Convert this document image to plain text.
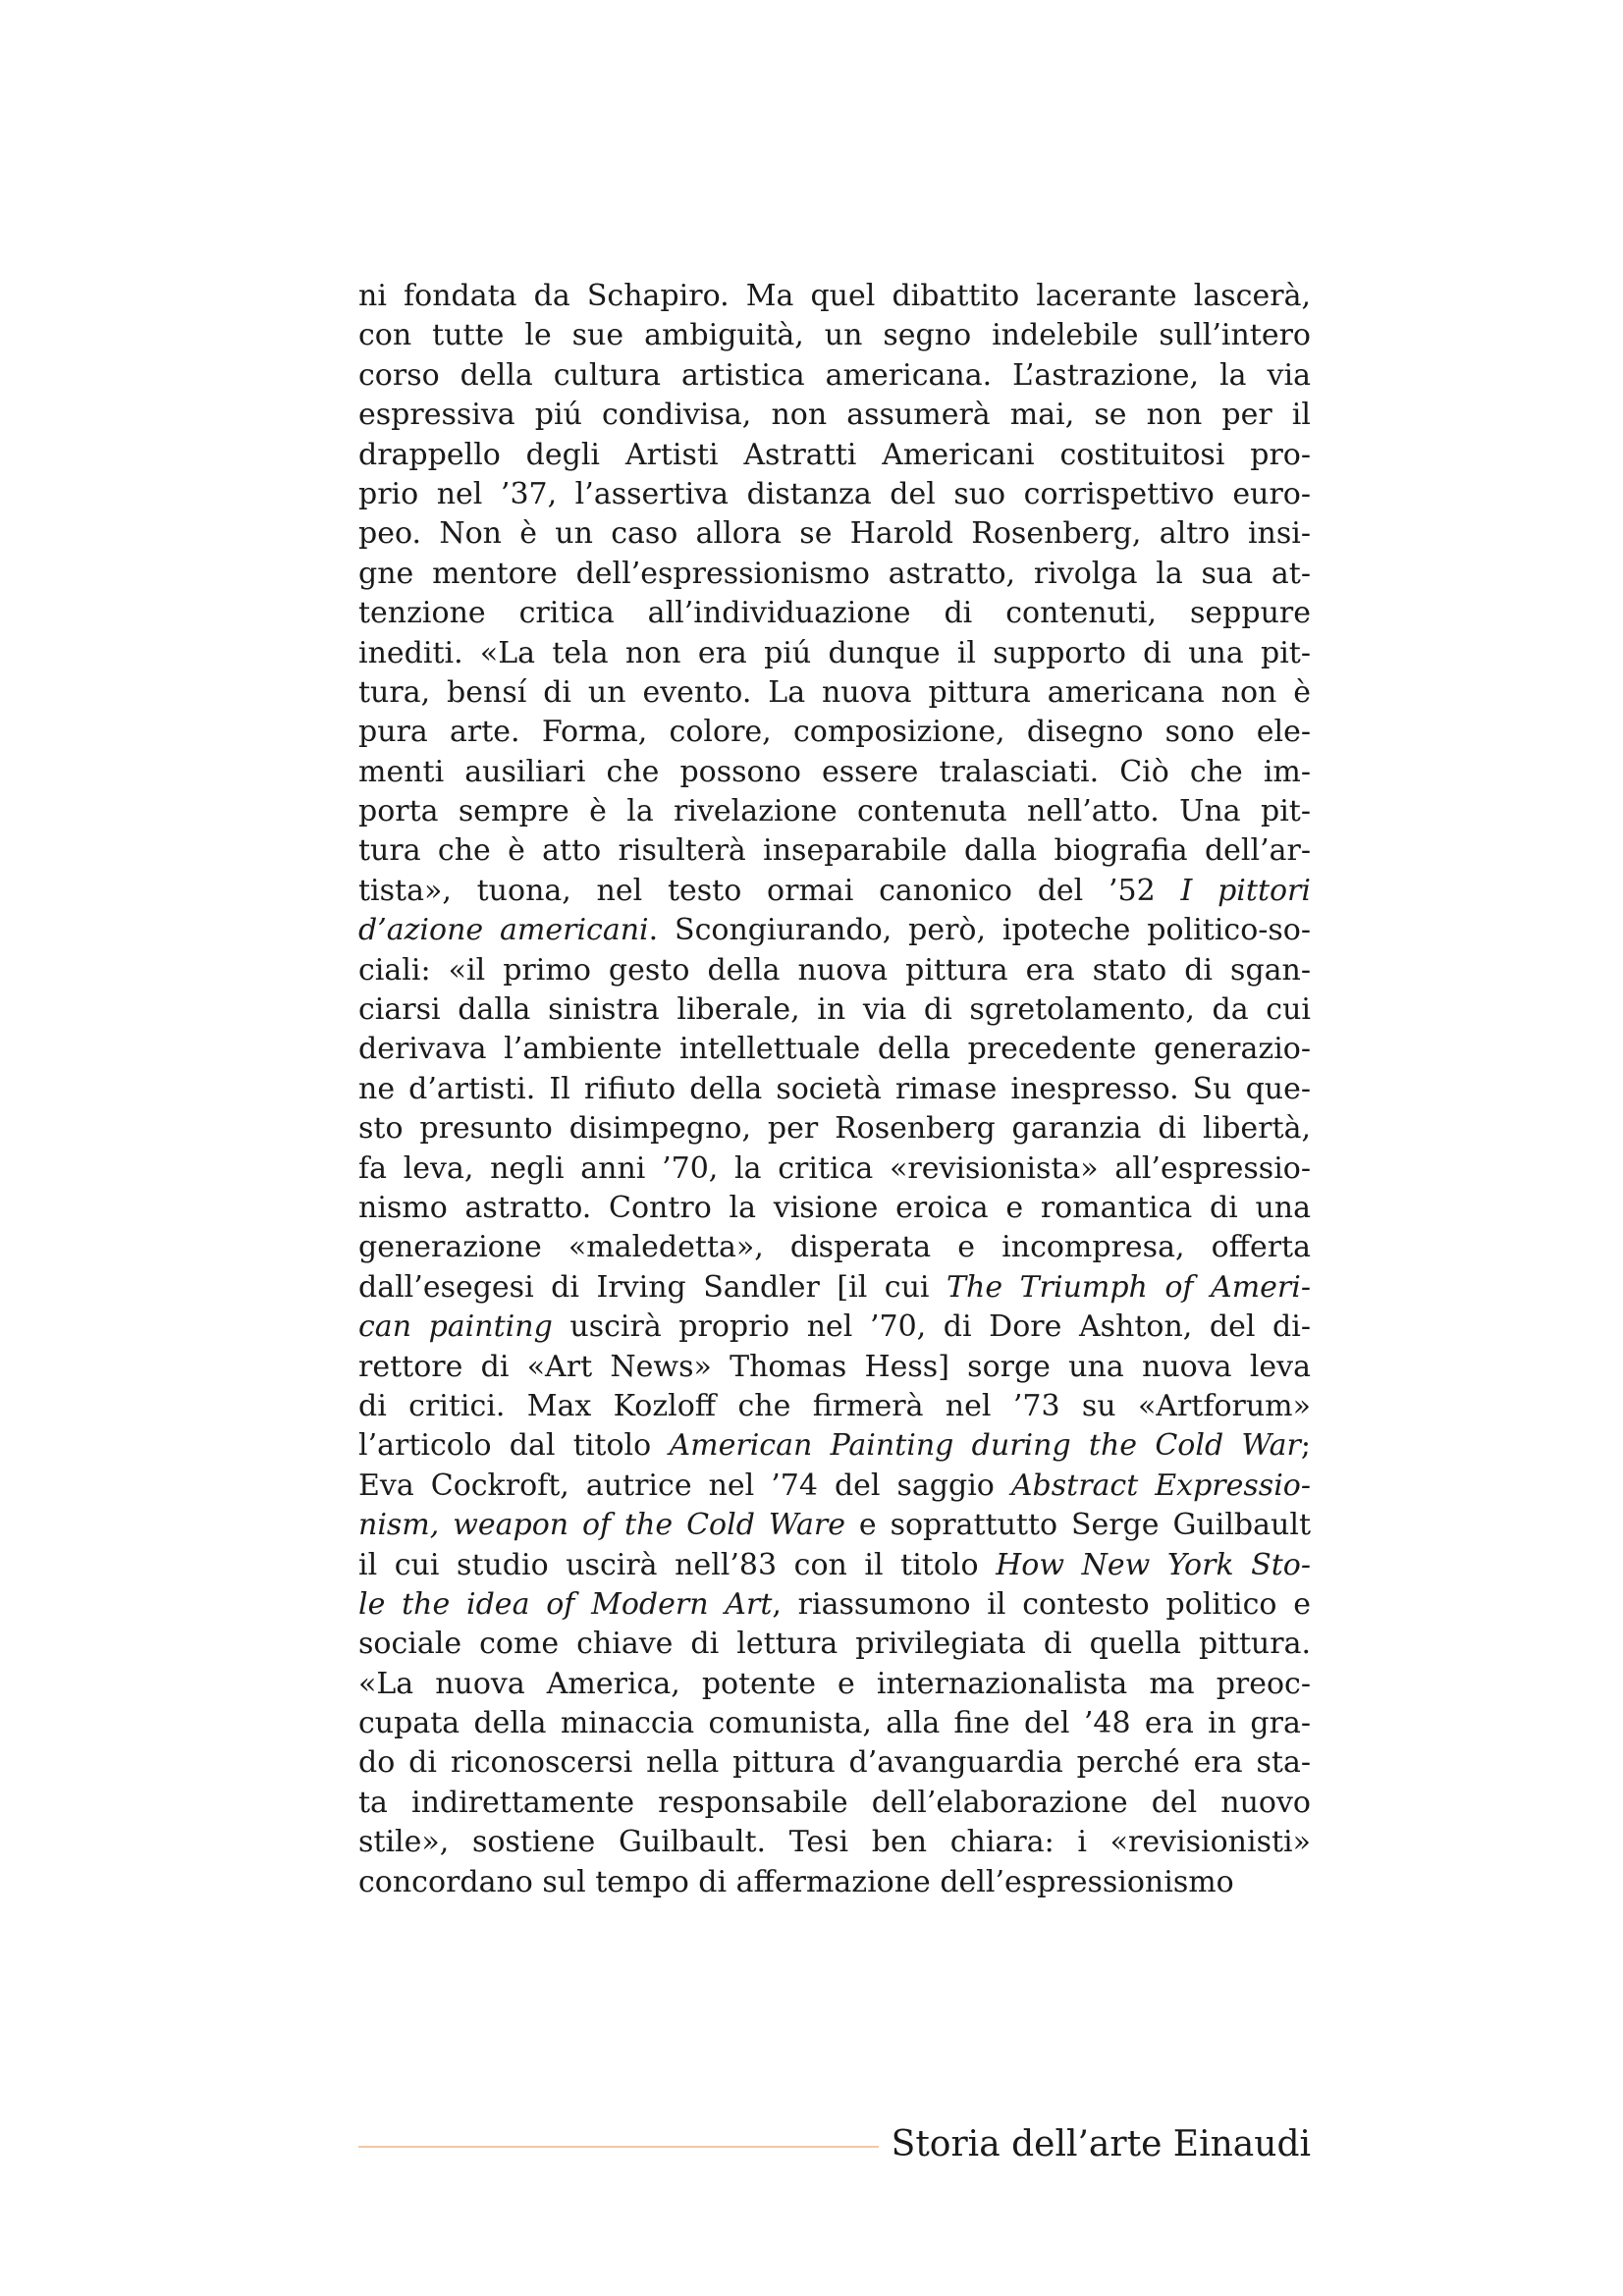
ni fondata da Schapiro. Ma quel dibattito lacerante lascerà,
con tutte le sue ambiguità, un segno indelebile sull’intero
corso della cultura artistica americana. L’astrazione, la via
espressiva piú condivisa, non assumerà mai, se non per il
drappello degli Artisti Astratti Americani costituitosi pro-
prio nel ’37, l’assertiva distanza del suo corrispettivo euro-
peo. Non è un caso allora se Harold Rosenberg, altro insi-
gne mentore dell’espressionismo astratto, rivolga la sua at-
tenzione critica all’individuazione di contenuti, seppure
inediti. «La tela non era piú dunque il supporto di una pit-
tura, bensí di un evento. La nuova pittura americana non è
pura arte. Forma, colore, composizione, disegno sono ele-
menti ausiliari che possono essere tralasciati. Ciò che im-
porta sempre è la rivelazione contenuta nell’atto. Una pit-
tura che è atto risulterà inseparabile dalla biografia dell’ar-
tista», tuona, nel testo ormai canonico del ’52 I pittori
d’azione americani. Scongiurando, però, ipoteche politico-so-
ciali: «il primo gesto della nuova pittura era stato di sgan-
ciarsi dalla sinistra liberale, in via di sgretolamento, da cui
derivava l’ambiente intellettuale della precedente generazio-
ne d’artisti. Il rifiuto della società rimase inespresso. Su que-
sto presunto disimpegno, per Rosenberg garanzia di libertà,
fa leva, negli anni ’70, la critica «revisionista» all’espressio-
nismo astratto. Contro la visione eroica e romantica di una
generazione «maledetta», disperata e incompresa, offerta
dall’esegesi di Irving Sandler [il cui The Triumph of Ameri-
can painting uscirà proprio nel ’70, di Dore Ashton, del di-
rettore di «Art News» Thomas Hess] sorge una nuova leva
di critici. Max Kozloff che firmerà nel ’73 su «Artforum»
l’articolo dal titolo American Painting during the Cold War;
Eva Cockroft, autrice nel ’74 del saggio Abstract Expressio-
nism, weapon of the Cold Ware e soprattutto Serge Guilbault
il cui studio uscirà nell’83 con il titolo How New York Sto-
le the idea of Modern Art, riassumono il contesto politico e
sociale come chiave di lettura privilegiata di quella pittura.
«La nuova America, potente e internazionalista ma preoc-
cupata della minaccia comunista, alla fine del ’48 era in gra-
do di riconoscersi nella pittura d’avanguardia perché era sta-
ta indirettamente responsabile dell’elaborazione del nuovo
stile», sostiene Guilbault. Tesi ben chiara: i «revisionisti»
concordano sul tempo di affermazione dell’espressionismo
Storia dell’arte Einaudi
